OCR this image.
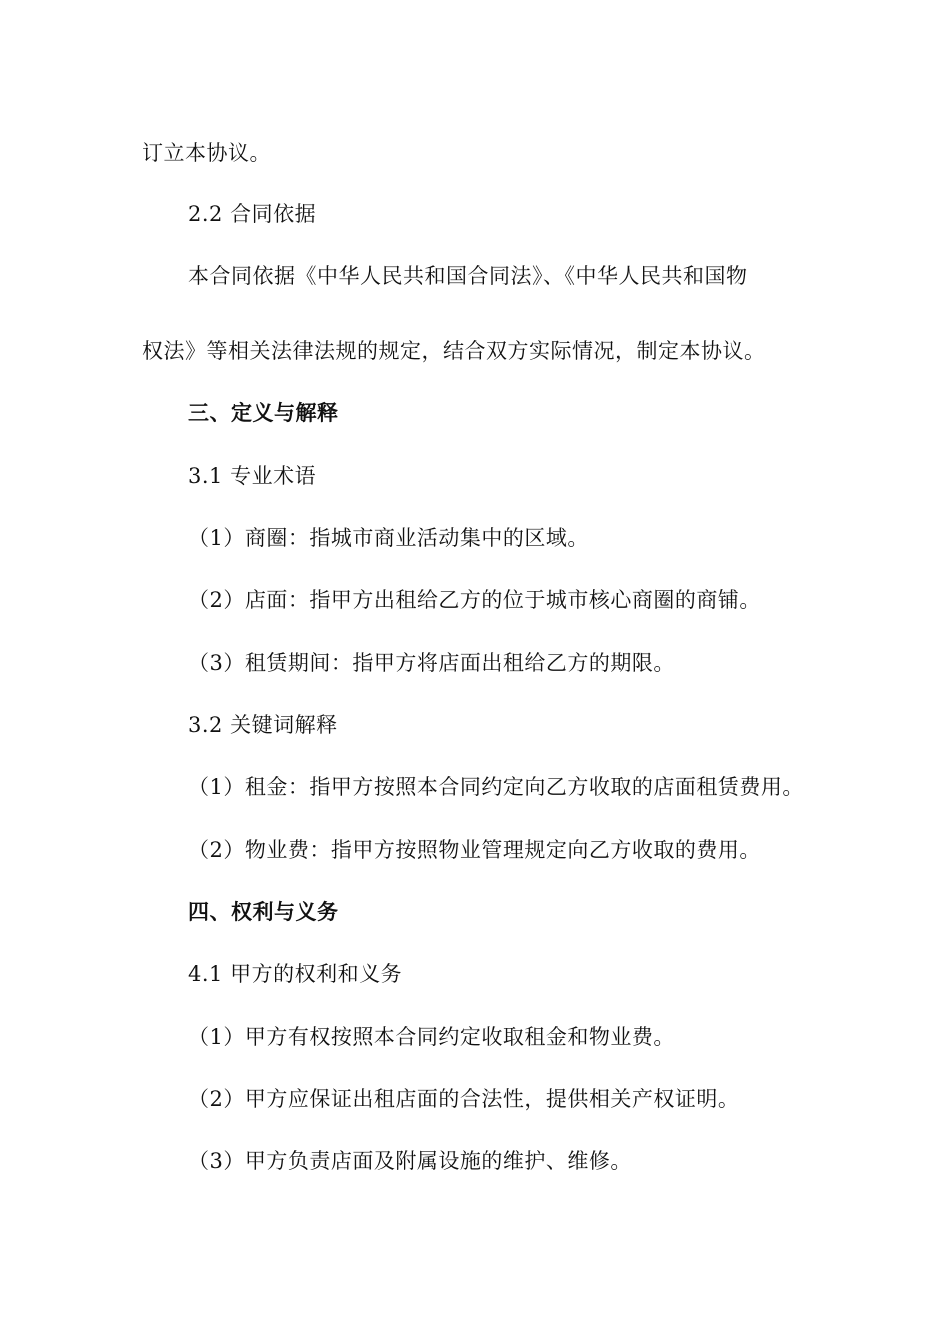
订立本协议。
2.2 合同依据
本合同依据《中华人民共和国合同法》、《中华人民共和国物
权法》等相关法律法规的规定，结合双方实际情况，制定本协议。
三、定义与解释
3.1 专业术语
（1）商圈：指城市商业活动集中的区域。
（2）店面：指甲方出租给乙方的位于城市核心商圈的商铺。
（3）租赁期间：指甲方将店面出租给乙方的期限。
3.2 关键词解释
（1）租金：指甲方按照本合同约定向乙方收取的店面租赁费用。
（2）物业费：指甲方按照物业管理规定向乙方收取的费用。
四、权利与义务
4.1 甲方的权利和义务
（1）甲方有权按照本合同约定收取租金和物业费。
（2）甲方应保证出租店面的合法性，提供相关产权证明。
（3）甲方负责店面及附属设施的维护、维修。
